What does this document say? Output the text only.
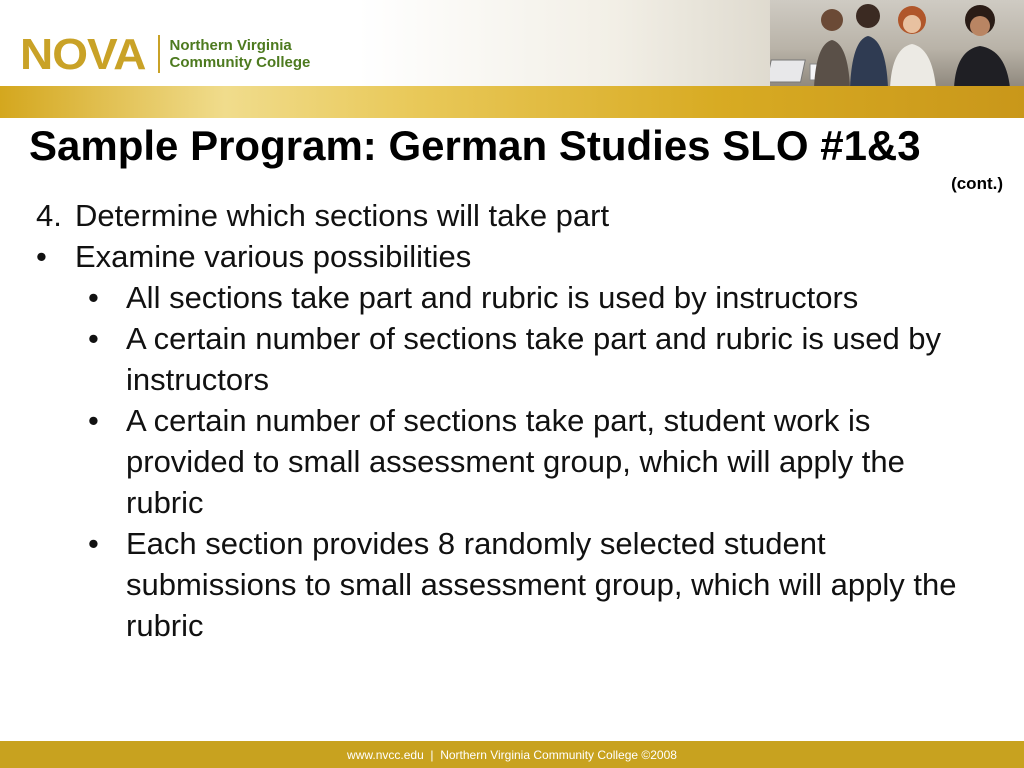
NOVA Northern Virginia
Community College
Sample Program: German Studies SLO #1&3
(cont.)
4. Determine which sections will take part
• Examine various possibilities
• All sections take part and rubric is used by instructors
• A certain number of sections take part and rubric is used by instructors
• A certain number of sections take part, student work is provided to small assessment group, which will apply the rubric
• Each section provides 8 randomly selected student submissions to small assessment group, which will apply the rubric
www.nvcc.edu  |  Northern Virginia Community College ©2008
